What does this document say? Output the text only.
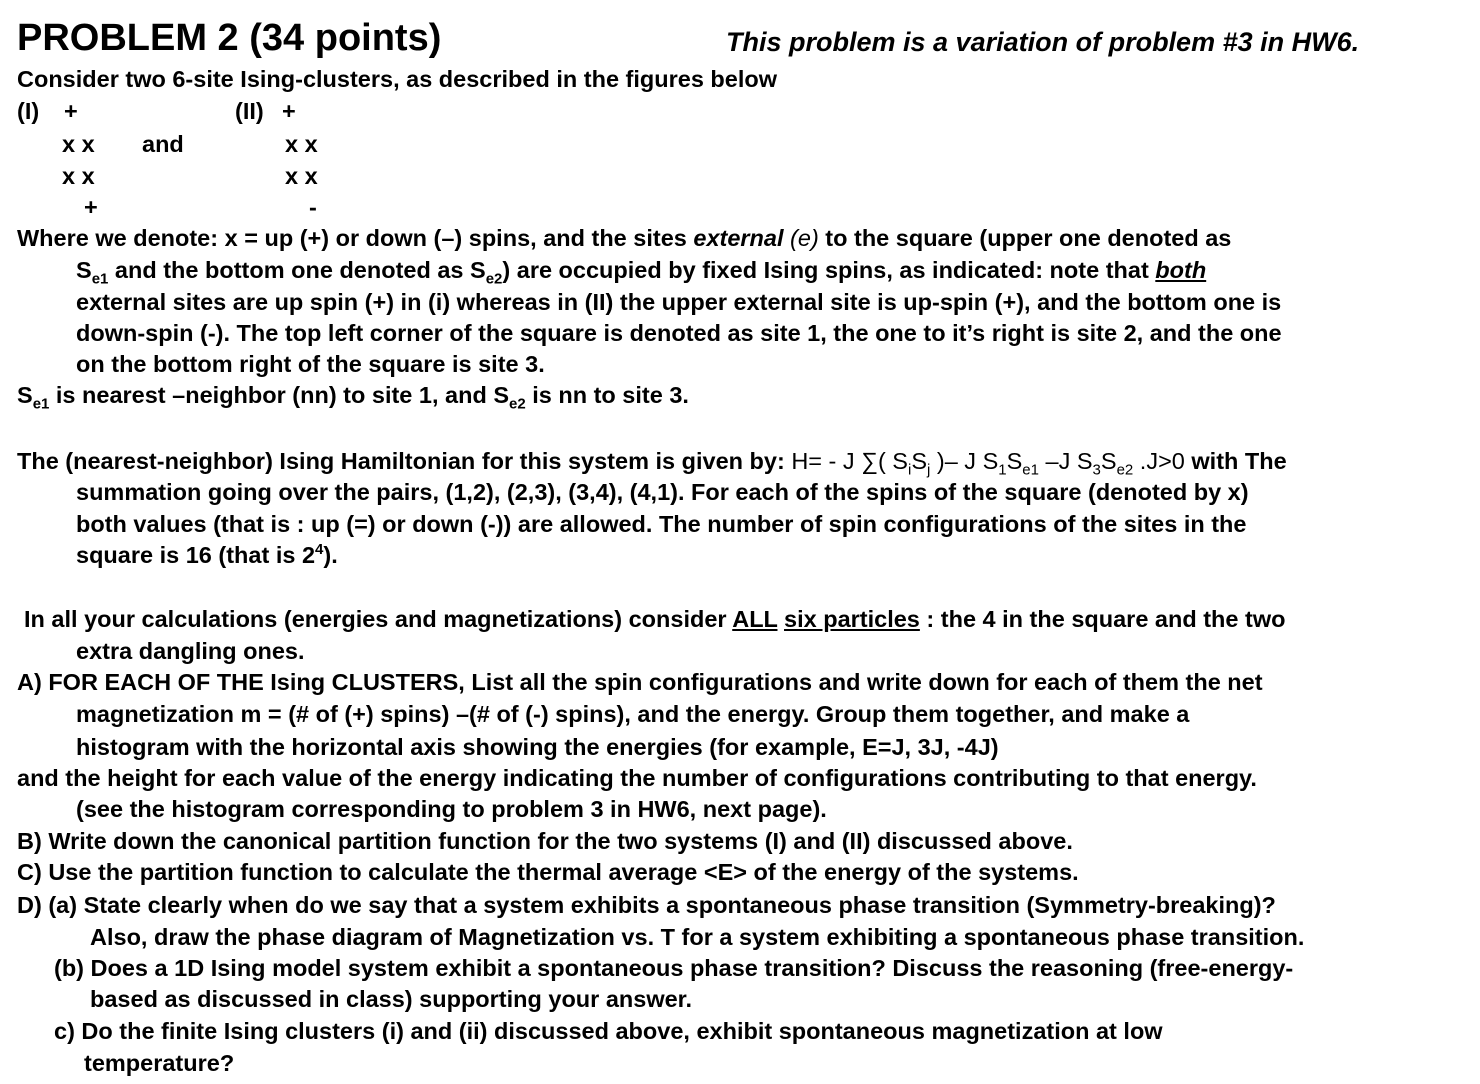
PROBLEM 2 (34 points)	This problem is a variation of problem #3 in HW6.
Consider two 6-site Ising-clusters, as described in the figures below
(I) +
x x
x x
+
and
(II) +
x x
x x
-
Where we denote: x = up (+) or down (–) spins, and the sites external (e) to the square (upper one denoted as
$S_{e1}$ and the bottom one denoted as $S_{e2}$) are occupied by fixed Ising spins, as indicated: note that both
external sites are up spin (+) in (i) whereas in (II) the upper external site is up-spin (+), and the bottom one is
down-spin (-). The top left corner of the square is denoted as site 1, the one to it’s right is site 2, and the one
on the bottom right of the square is site 3.
$S_{e1}$ is nearest –neighbor (nn) to site 1, and $S_{e2}$ is nn to site 3.
The (nearest-neighbor) Ising Hamiltonian for this system is given by: H= - J ∑( $S_iS_j$ )– J $S_1S_{e1}$ –J $S_3S_{e2}$ .J>0 with The
summation going over the pairs, (1,2), (2,3), (3,4), (4,1). For each of the spins of the square (denoted by x)
both values (that is : up (=) or down (-)) are allowed. The number of spin configurations of the sites in the
square is 16 (that is $2^4$).
In all your calculations (energies and magnetizations) consider ALL six particles : the 4 in the square and the two
extra dangling ones.
A) FOR EACH OF THE Ising CLUSTERS, List all the spin configurations and write down for each of them the net
magnetization m = (# of (+) spins) –(# of (-) spins), and the energy. Group them together, and make a
histogram with the horizontal axis showing the energies (for example, E=J, 3J, -4J)
and the height for each value of the energy indicating the number of configurations contributing to that energy.
(see the histogram corresponding to problem 3 in HW6, next page).
B) Write down the canonical partition function for the two systems (I) and (II) discussed above.
C) Use the partition function to calculate the thermal average <E> of the energy of the systems.
D) (a) State clearly when do we say that a system exhibits a spontaneous phase transition (Symmetry-breaking)?
Also, draw the phase diagram of Magnetization vs. T for a system exhibiting a spontaneous phase transition.
(b) Does a 1D Ising model system exhibit a spontaneous phase transition? Discuss the reasoning (free-energy-
based as discussed in class) supporting your answer.
c) Do the finite Ising clusters (i) and (ii) discussed above, exhibit spontaneous magnetization at low
temperature?
